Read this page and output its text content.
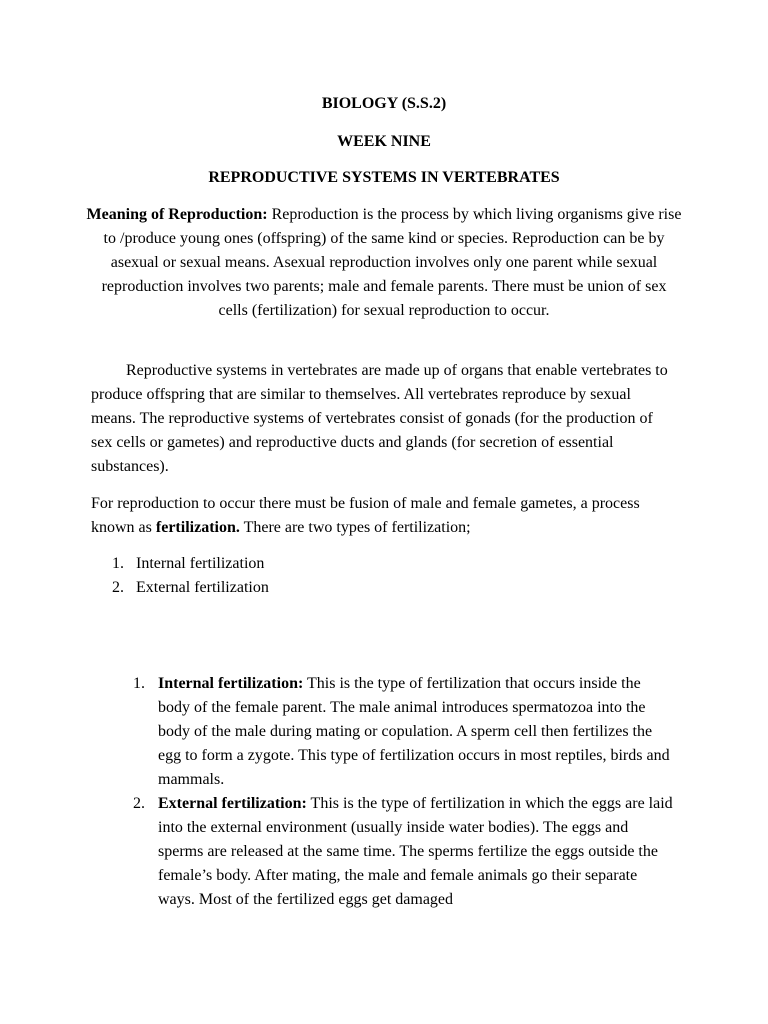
BIOLOGY (S.S.2)

WEEK NINE

REPRODUCTIVE SYSTEMS IN VERTEBRATES

Meaning of Reproduction: Reproduction is the process by which living organisms give rise to /produce young ones (offspring) of the same kind or species. Reproduction can be by asexual or sexual means. Asexual reproduction involves only one parent while sexual reproduction involves two parents; male and female parents. There must be union of sex cells (fertilization) for sexual reproduction to occur.

Reproductive systems in vertebrates are made up of organs that enable vertebrates to produce offspring that are similar to themselves. All vertebrates reproduce by sexual means. The reproductive systems of vertebrates consist of gonads (for the production of sex cells or gametes) and reproductive ducts and glands (for secretion of essential substances).

For reproduction to occur there must be fusion of male and female gametes, a process known as fertilization. There are two types of fertilization;

1. Internal fertilization
2. External fertilization
1. Internal fertilization: This is the type of fertilization that occurs inside the body of the female parent. The male animal introduces spermatozoa into the body of the male during mating or copulation. A sperm cell then fertilizes the egg to form a zygote. This type of fertilization occurs in most reptiles, birds and mammals.
2. External fertilization: This is the type of fertilization in which the eggs are laid into the external environment (usually inside water bodies). The eggs and sperms are released at the same time. The sperms fertilize the eggs outside the female’s body. After mating, the male and female animals go their separate ways. Most of the fertilized eggs get damaged
